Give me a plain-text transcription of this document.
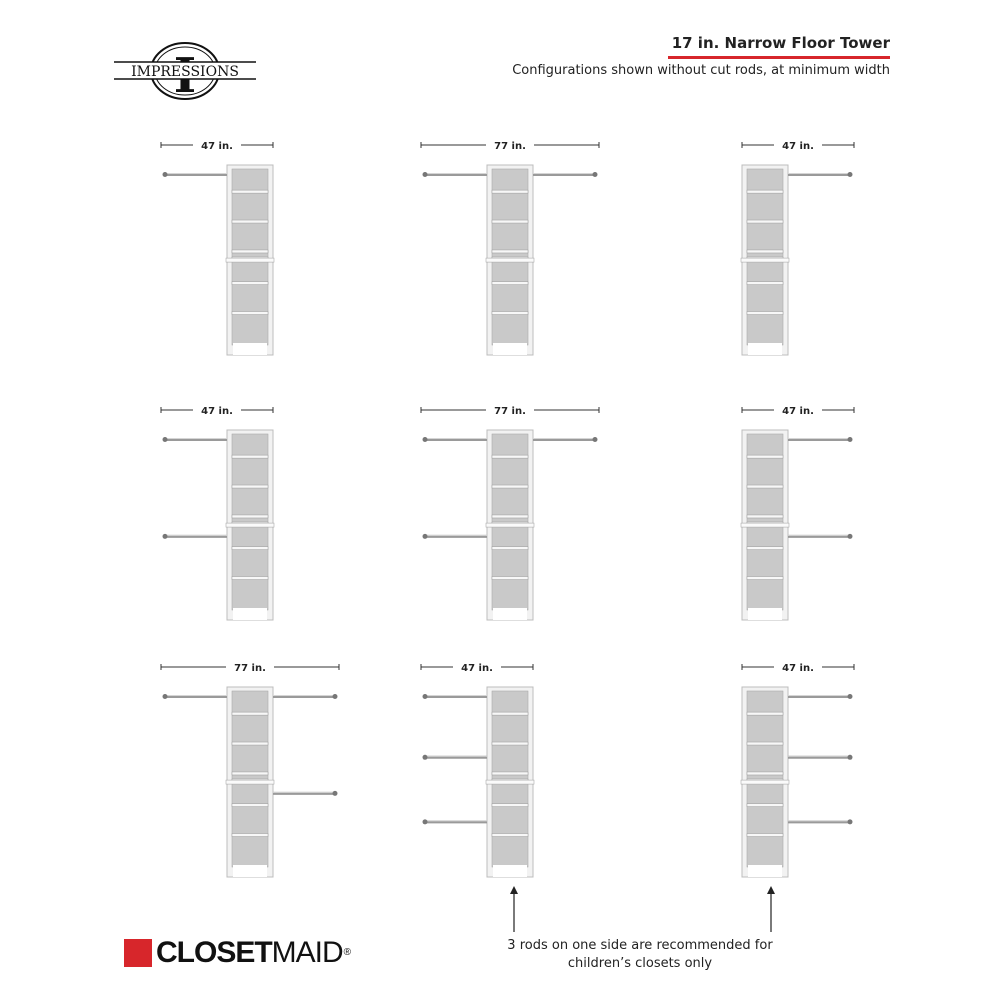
17 in. Narrow Floor Tower
Configurations shown without cut rods, at minimum width
IMPRESSIONS
47 in.	77 in.	47 in.
47 in.	77 in.	47 in.
77 in.	47 in.	47 in.
3 rods on one side are recommended for
children’s closets only
CLOSETMAID®
